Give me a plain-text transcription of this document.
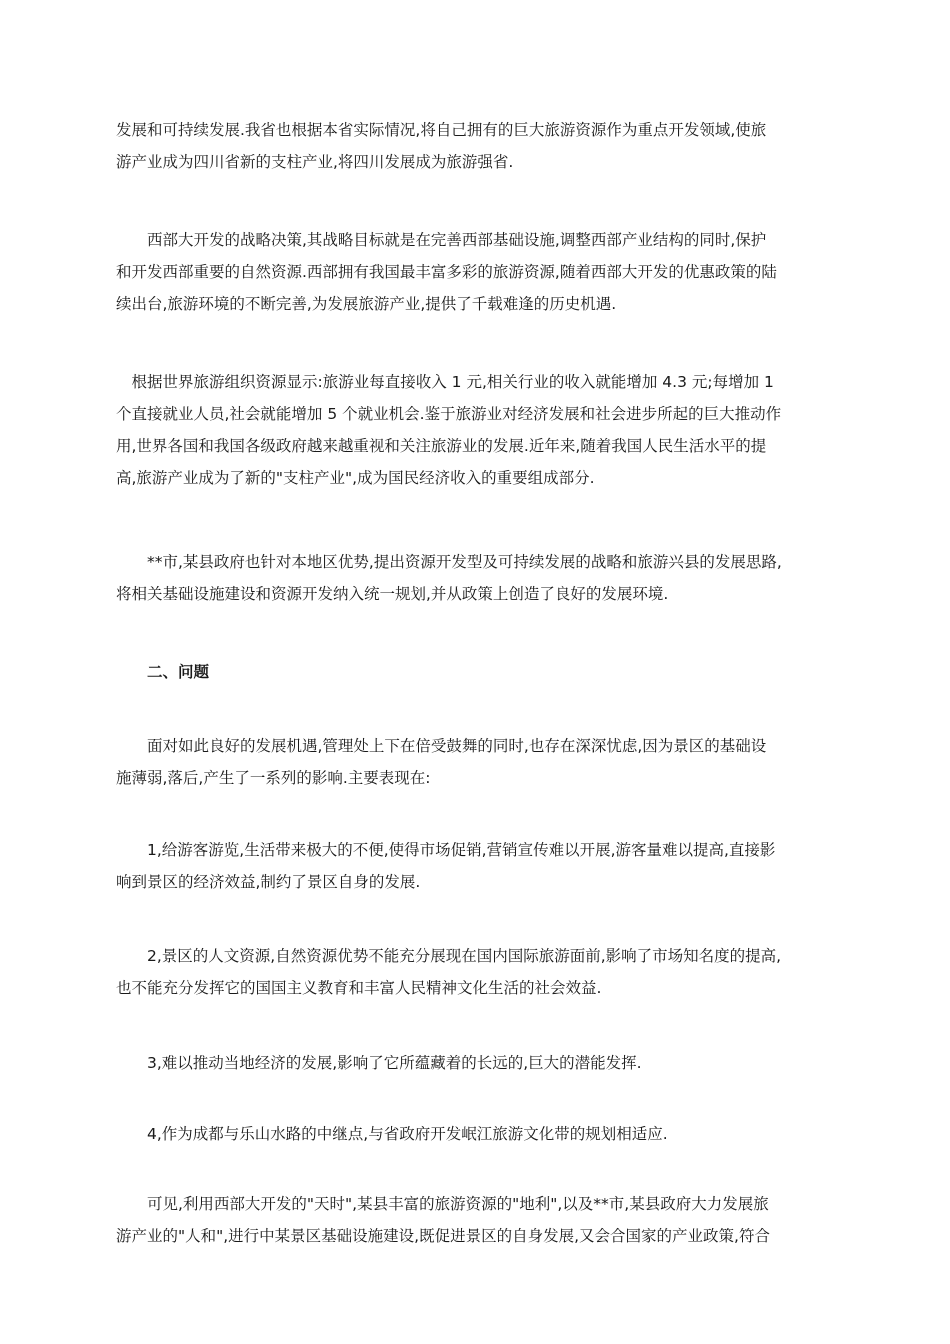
发展和可持续发展.我省也根据本省实际情况,将自己拥有的巨大旅游资源作为重点开发领域,使旅
游产业成为四川省新的支柱产业,将四川发展成为旅游强省.

　　西部大开发的战略决策,其战略目标就是在完善西部基础设施,调整西部产业结构的同时,保护
和开发西部重要的自然资源.西部拥有我国最丰富多彩的旅游资源,随着西部大开发的优惠政策的陆
续出台,旅游环境的不断完善,为发展旅游产业,提供了千载难逢的历史机遇.

　根据世界旅游组织资源显示:旅游业每直接收入 1 元,相关行业的收入就能增加 4.3 元;每增加 1
个直接就业人员,社会就能增加 5 个就业机会.鉴于旅游业对经济发展和社会进步所起的巨大推动作
用,世界各国和我国各级政府越来越重视和关注旅游业的发展.近年来,随着我国人民生活水平的提
高,旅游产业成为了新的"支柱产业",成为国民经济收入的重要组成部分.

　　**市,某县政府也针对本地区优势,提出资源开发型及可持续发展的战略和旅游兴县的发展思路,
将相关基础设施建设和资源开发纳入统一规划,并从政策上创造了良好的发展环境.

　　二、问题

　　面对如此良好的发展机遇,管理处上下在倍受鼓舞的同时,也存在深深忧虑,因为景区的基础设
施薄弱,落后,产生了一系列的影响.主要表现在:

　　1,给游客游览,生活带来极大的不便,使得市场促销,营销宣传难以开展,游客量难以提高,直接影
响到景区的经济效益,制约了景区自身的发展.

　　2,景区的人文资源,自然资源优势不能充分展现在国内国际旅游面前,影响了市场知名度的提高,
也不能充分发挥它的国国主义教育和丰富人民精神文化生活的社会效益.

　　3,难以推动当地经济的发展,影响了它所蕴藏着的长远的,巨大的潜能发挥.

　　4,作为成都与乐山水路的中继点,与省政府开发岷江旅游文化带的规划相适应.

　　可见,利用西部大开发的"天时",某县丰富的旅游资源的"地利",以及**市,某县政府大力发展旅
游产业的"人和",进行中某景区基础设施建设,既促进景区的自身发展,又会合国家的产业政策,符合
